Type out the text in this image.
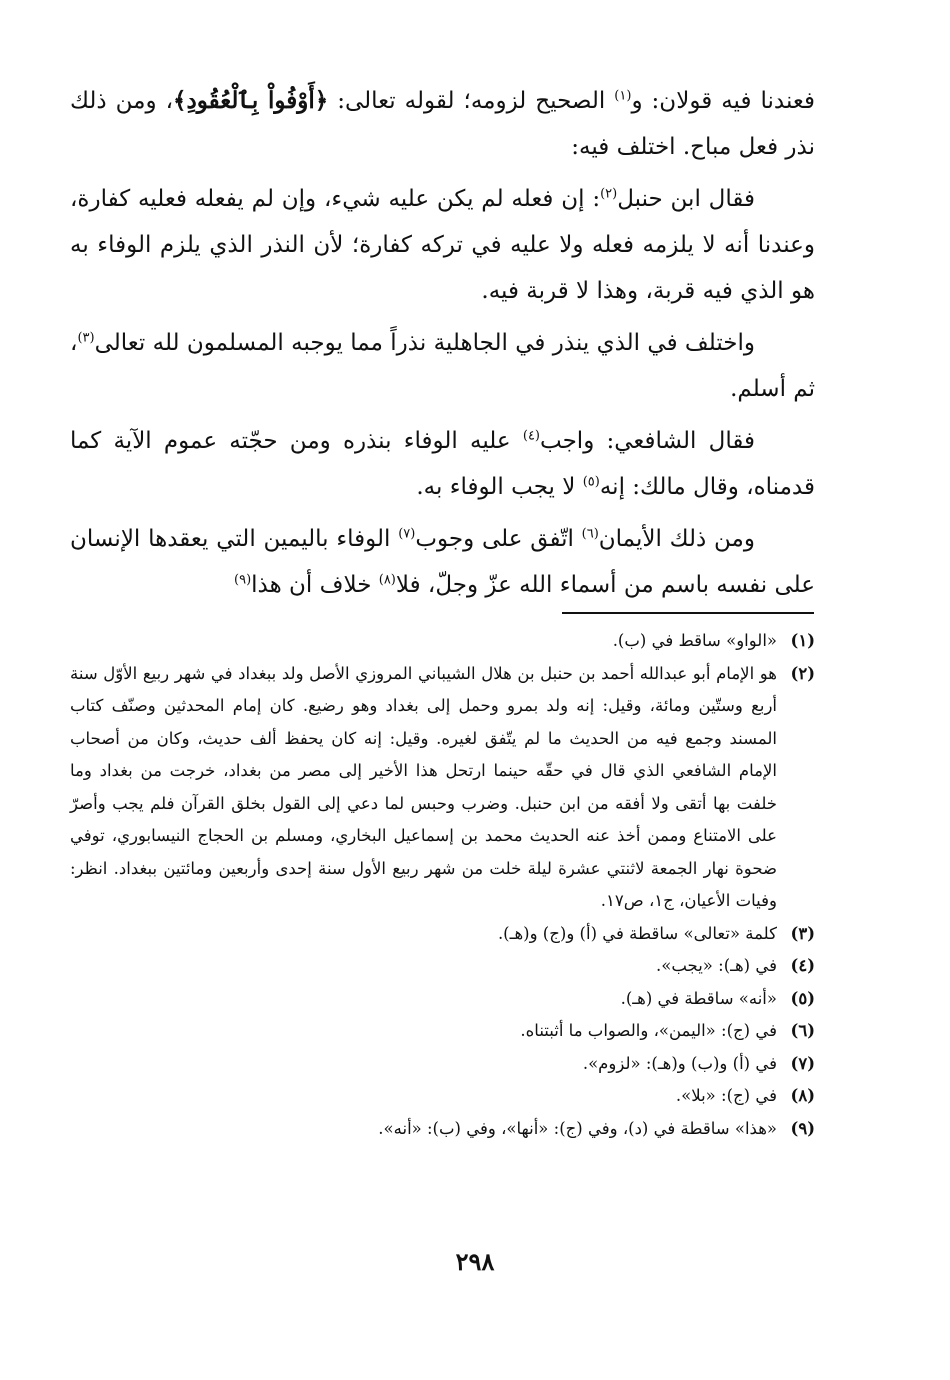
فعندنا فيه قولان: و$^{(١)}$ الصحيح لزومه؛ لقوله تعالى: ﴿أَوْفُواْ بِٱلْعُقُودِ﴾، ومن ذلك نذر فعل مباح. اختلف فيه:

فقال ابن حنبل$^{(٢)}$: إن فعله لم يكن عليه شيء، وإن لم يفعله فعليه كفارة، وعندنا أنه لا يلزمه فعله ولا عليه في تركه كفارة؛ لأن النذر الذي يلزم الوفاء به هو الذي فيه قربة، وهذا لا قربة فيه.

واختلف في الذي ينذر في الجاهلية نذراً مما يوجبه المسلمون لله تعالى$^{(٣)}$، ثم أسلم.

فقال الشافعي: واجب$^{(٤)}$ عليه الوفاء بنذره ومن حجّته عموم الآية كما قدمناه، وقال مالك: إنه$^{(٥)}$ لا يجب الوفاء به.

ومن ذلك الأيمان$^{(٦)}$ اتّفق على وجوب$^{(٧)}$ الوفاء باليمين التي يعقدها الإنسان على نفسه باسم من أسماء الله عزّ وجلّ، فلا$^{(٨)}$ خلاف أن هذا$^{(٩)}$

(١)
«الواو» ساقط في (ب).
(٢)
هو الإمام أبو عبدالله أحمد بن حنبل بن هلال الشيباني المروزي الأصل ولد ببغداد في شهر ربيع الأوّل سنة أربع وستّين ومائة، وقيل: إنه ولد بمرو وحمل إلى بغداد وهو رضيع. كان إمام المحدثين وصنّف كتاب المسند وجمع فيه من الحديث ما لم يتّفق لغيره. وقيل: إنه كان يحفظ ألف حديث، وكان من أصحاب الإمام الشافعي الذي قال في حقّه حينما ارتحل هذا الأخير إلى مصر من بغداد، خرجت من بغداد وما خلفت بها أتقى ولا أفقه من ابن حنبل. وضرب وحبس لما دعي إلى القول بخلق القرآن فلم يجب وأصرّ على الامتناع وممن أخذ عنه الحديث محمد بن إسماعيل البخاري، ومسلم بن الحجاج النيسابوري، توفي ضحوة نهار الجمعة لاثنتي عشرة ليلة خلت من شهر ربيع الأول سنة إحدى وأربعين ومائتين ببغداد. انظر: وفيات الأعيان، ج١، ص١٧.
(٣)
كلمة «تعالى» ساقطة في (أ) و(ج) و(هـ).
(٤)
في (هـ): «يجب».
(٥)
«أنه» ساقطة في (هـ).
(٦)
في (ج): «اليمن»، والصواب ما أثبتناه.
(٧)
في (أ) و(ب) و(هـ): «لزوم».
(٨)
في (ج): «بلا».
(٩)
«هذا» ساقطة في (د)، وفي (ج): «أنها»، وفي (ب): «أنه».
٢٩٨
